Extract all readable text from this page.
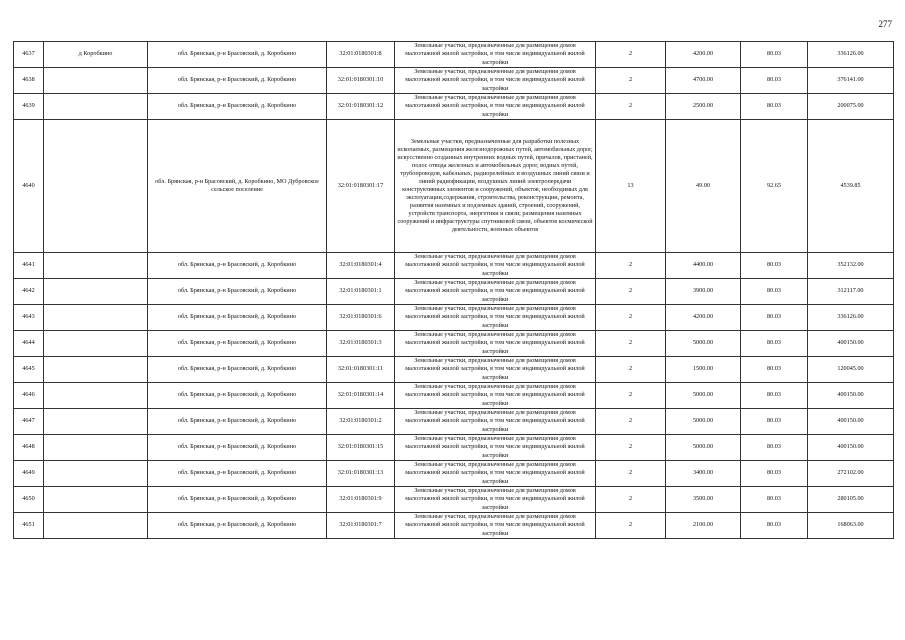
277
4637	д Коробкино	обл. Брянская, р-н Брасовский, д. Коробкино	32:01:0180301:8	Земельные участки, предназначенные для размещения домов малоэтажной жилой застройки, в том числе индивидуальной жилой застройки	2	4200.00	80.03	336126.00
4638		обл. Брянская, р-н Брасовский, д. Коробкино	32:01:0180301:10	Земельные участки, предназначенные для размещения домов малоэтажной жилой застройки, в том числе индивидуальной жилой застройки	2	4700.00	80.03	376141.00
4639		обл. Брянская, р-н Брасовский, д. Коробкино	32:01:0180301:12	Земельные участки, предназначенные для размещения домов малоэтажной жилой застройки, в том числе индивидуальной жилой застройки	2	2500.00	80.03	200075.00
4640		обл. Брянская, р-н Брасовский, д. Коробкино, МО Дубровское сельское поселение	32:01:0180301:17	Земельные участки, предназначенные для разработки полезных ископаемых, размещения железнодорожных путей, автомобильных дорог, искусственно созданных внутренних водных путей, причалов, пристаней, полос отвода железных и автомобильных дорог, водных путей, трубопроводов, кабельных, радиорелейных и воздушных линий связи и линий радиофикации, воздушных линий электропередачи конструктивных элементов и сооружений, объектов, необходимых для эксплуатации,содержания, строительства, реконструкции, ремонта, развития наземных и подземных зданий, строений, сооружений, устройств транспорта, энергетики и связи; размещения наземных сооружений и инфраструктуры спутниковой связи, объектов космической деятельности, военных объектов	13	49.00	92.65	4539.85
4641		обл. Брянская, р-н Брасовский, д. Коробкино	32:01:0180301:4	Земельные участки, предназначенные для размещения домов малоэтажной жилой застройки, в том числе индивидуальной жилой застройки	2	4400.00	80.03	352132.00
4642		обл. Брянская, р-н Брасовский, д. Коробкино	32:01:0180301:1	Земельные участки, предназначенные для размещения домов малоэтажной жилой застройки, в том числе индивидуальной жилой застройки	2	3900.00	80.03	312117.00
4643		обл. Брянская, р-н Брасовский, д. Коробкино	32:01:0180301:6	Земельные участки, предназначенные для размещения домов малоэтажной жилой застройки, в том числе индивидуальной жилой застройки	2	4200.00	80.03	336126.00
4644		обл. Брянская, р-н Брасовский, д. Коробкино	32:01:0180301:3	Земельные участки, предназначенные для размещения домов малоэтажной жилой застройки, в том числе индивидуальной жилой застройки	2	5000.00	80.03	400150.00
4645		обл. Брянская, р-н Брасовский, д. Коробкино	32:01:0180301:11	Земельные участки, предназначенные для размещения домов малоэтажной жилой застройки, в том числе индивидуальной жилой застройки	2	1500.00	80.03	120045.00
4646		обл. Брянская, р-н Брасовский, д. Коробкино	32:01:0180301:14	Земельные участки, предназначенные для размещения домов малоэтажной жилой застройки, в том числе индивидуальной жилой застройки	2	5000.00	80.03	400150.00
4647		обл. Брянская, р-н Брасовский, д. Коробкино	32:01:0180301:2	Земельные участки, предназначенные для размещения домов малоэтажной жилой застройки, в том числе индивидуальной жилой застройки	2	5000.00	80.03	400150.00
4648		обл. Брянская, р-н Брасовский, д. Коробкино	32:01:0180301:15	Земельные участки, предназначенные для размещения домов малоэтажной жилой застройки, в том числе индивидуальной жилой застройки	2	5000.00	80.03	400150.00
4649		обл. Брянская, р-н Брасовский, д. Коробкино	32:01:0180301:13	Земельные участки, предназначенные для размещения домов малоэтажной жилой застройки, в том числе индивидуальной жилой застройки	2	3400.00	80.03	272102.00
4650		обл. Брянская, р-н Брасовский, д. Коробкино	32:01:0180301:9	Земельные участки, предназначенные для размещения домов малоэтажной жилой застройки, в том числе индивидуальной жилой застройки	2	3500.00	80.03	280105.00
4651		обл. Брянская, р-н Брасовский, д. Коробкино	32:01:0180301:7	Земельные участки, предназначенные для размещения домов малоэтажной жилой застройки, в том числе индивидуальной жилой застройки	2	2100.00	80.03	168063.00
